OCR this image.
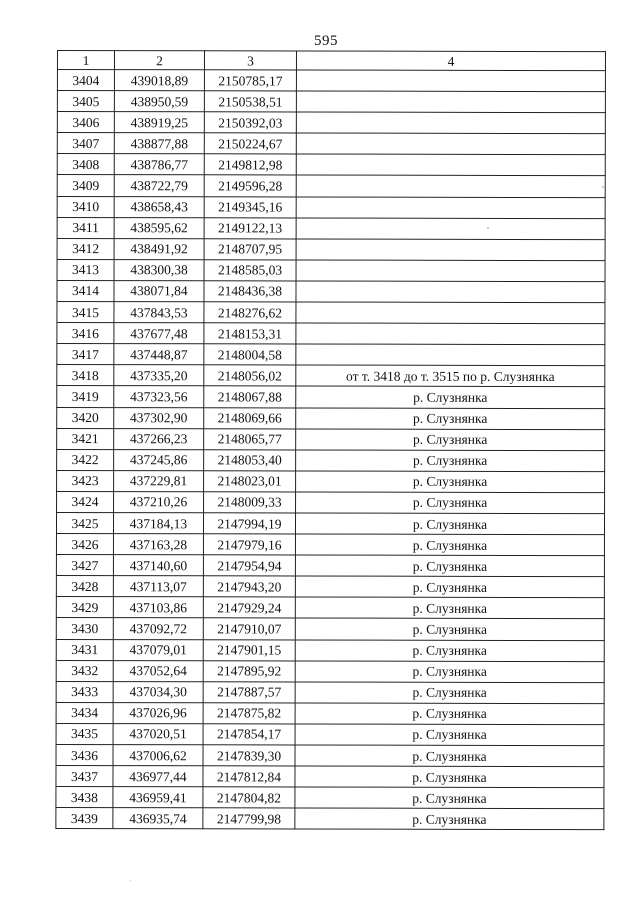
595
1	2	3	4
3404	439018,89	2150785,17	
3405	438950,59	2150538,51	
3406	438919,25	2150392,03	
3407	438877,88	2150224,67	
3408	438786,77	2149812,98	
3409	438722,79	2149596,28	
3410	438658,43	2149345,16	
3411	438595,62	2149122,13	
3412	438491,92	2148707,95	
3413	438300,38	2148585,03	
3414	438071,84	2148436,38	
3415	437843,53	2148276,62	
3416	437677,48	2148153,31	
3417	437448,87	2148004,58	
3418	437335,20	2148056,02	от т. 3418 до т. 3515 по р. Слузнянка
3419	437323,56	2148067,88	р. Слузнянка
3420	437302,90	2148069,66	р. Слузнянка
3421	437266,23	2148065,77	р. Слузнянка
3422	437245,86	2148053,40	р. Слузнянка
3423	437229,81	2148023,01	р. Слузнянка
3424	437210,26	2148009,33	р. Слузнянка
3425	437184,13	2147994,19	р. Слузнянка
3426	437163,28	2147979,16	р. Слузнянка
3427	437140,60	2147954,94	р. Слузнянка
3428	437113,07	2147943,20	р. Слузнянка
3429	437103,86	2147929,24	р. Слузнянка
3430	437092,72	2147910,07	р. Слузнянка
3431	437079,01	2147901,15	р. Слузнянка
3432	437052,64	2147895,92	р. Слузнянка
3433	437034,30	2147887,57	р. Слузнянка
3434	437026,96	2147875,82	р. Слузнянка
3435	437020,51	2147854,17	р. Слузнянка
3436	437006,62	2147839,30	р. Слузнянка
3437	436977,44	2147812,84	р. Слузнянка
3438	436959,41	2147804,82	р. Слузнянка
3439	436935,74	2147799,98	р. Слузнянка
